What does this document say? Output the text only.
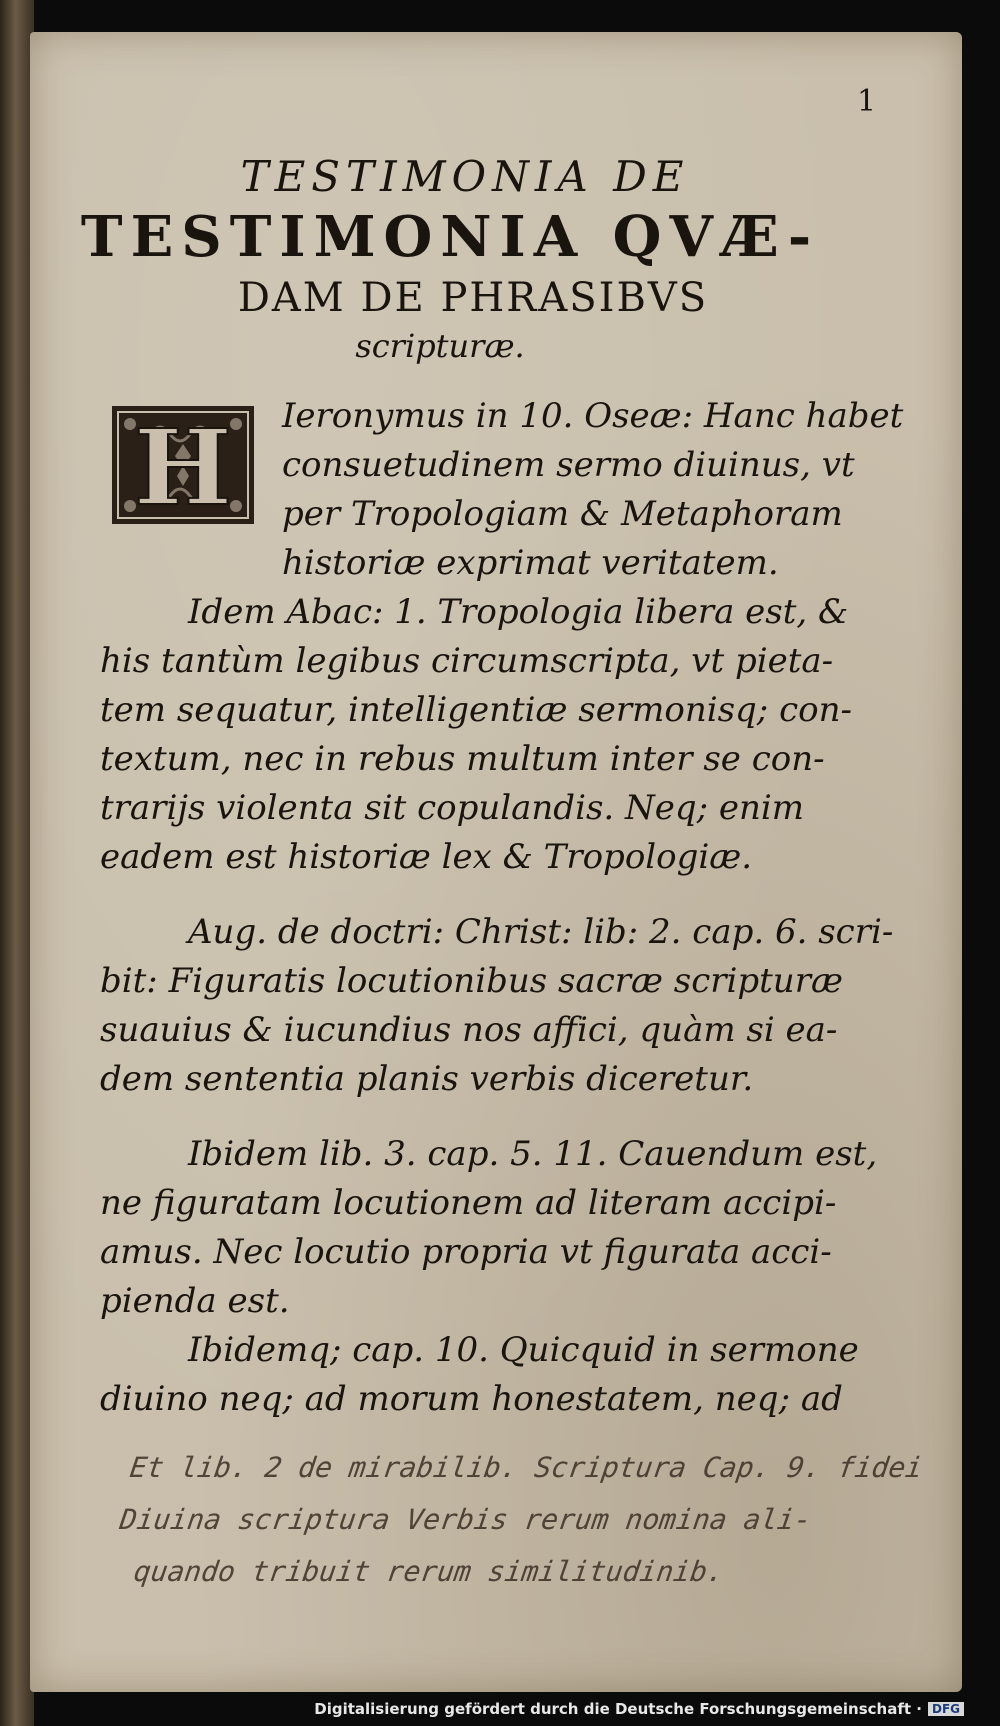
1

TESTIMONIA DE

TESTIMONIA QVÆ-

DAM DE PHRASIBVS

scripturæ.

H	Ieronymus in 10. Oseæ: Hanc habet

consuetudinem sermo diuinus, vt

per Tropologiam & Metaphoram

historiæ exprimat veritatem.

Idem Abac: 1. Tropologia libera est, &

his tantùm legibus circumscripta, vt pieta-

tem sequatur, intelligentiæ sermonisq; con-

textum, nec in rebus multum inter se con-

trarijs violenta sit copulandis. Neq; enim

eadem est historiæ lex & Tropologiæ.

Aug. de doctri: Christ: lib: 2. cap. 6. scri-

bit: Figuratis locutionibus sacræ scripturæ

suauius & iucundius nos affici, quàm si ea-

dem sententia planis verbis diceretur.

Ibidem lib. 3. cap. 5. 11. Cauendum est,

ne figuratam locutionem ad literam accipi-

amus. Nec locutio propria vt figurata acci-

pienda est.

Ibidemq; cap. 10. Quicquid in sermone

diuino neq; ad morum honestatem, neq; ad

Et lib. 2 de mirabilib. Scriptura Cap. 9. fidei

Diuina scriptura Verbis rerum nomina ali-

quando tribuit rerum similitudinib.

Digitalisierung gefördert durch die Deutsche Forschungsgemeinschaft · DFG
